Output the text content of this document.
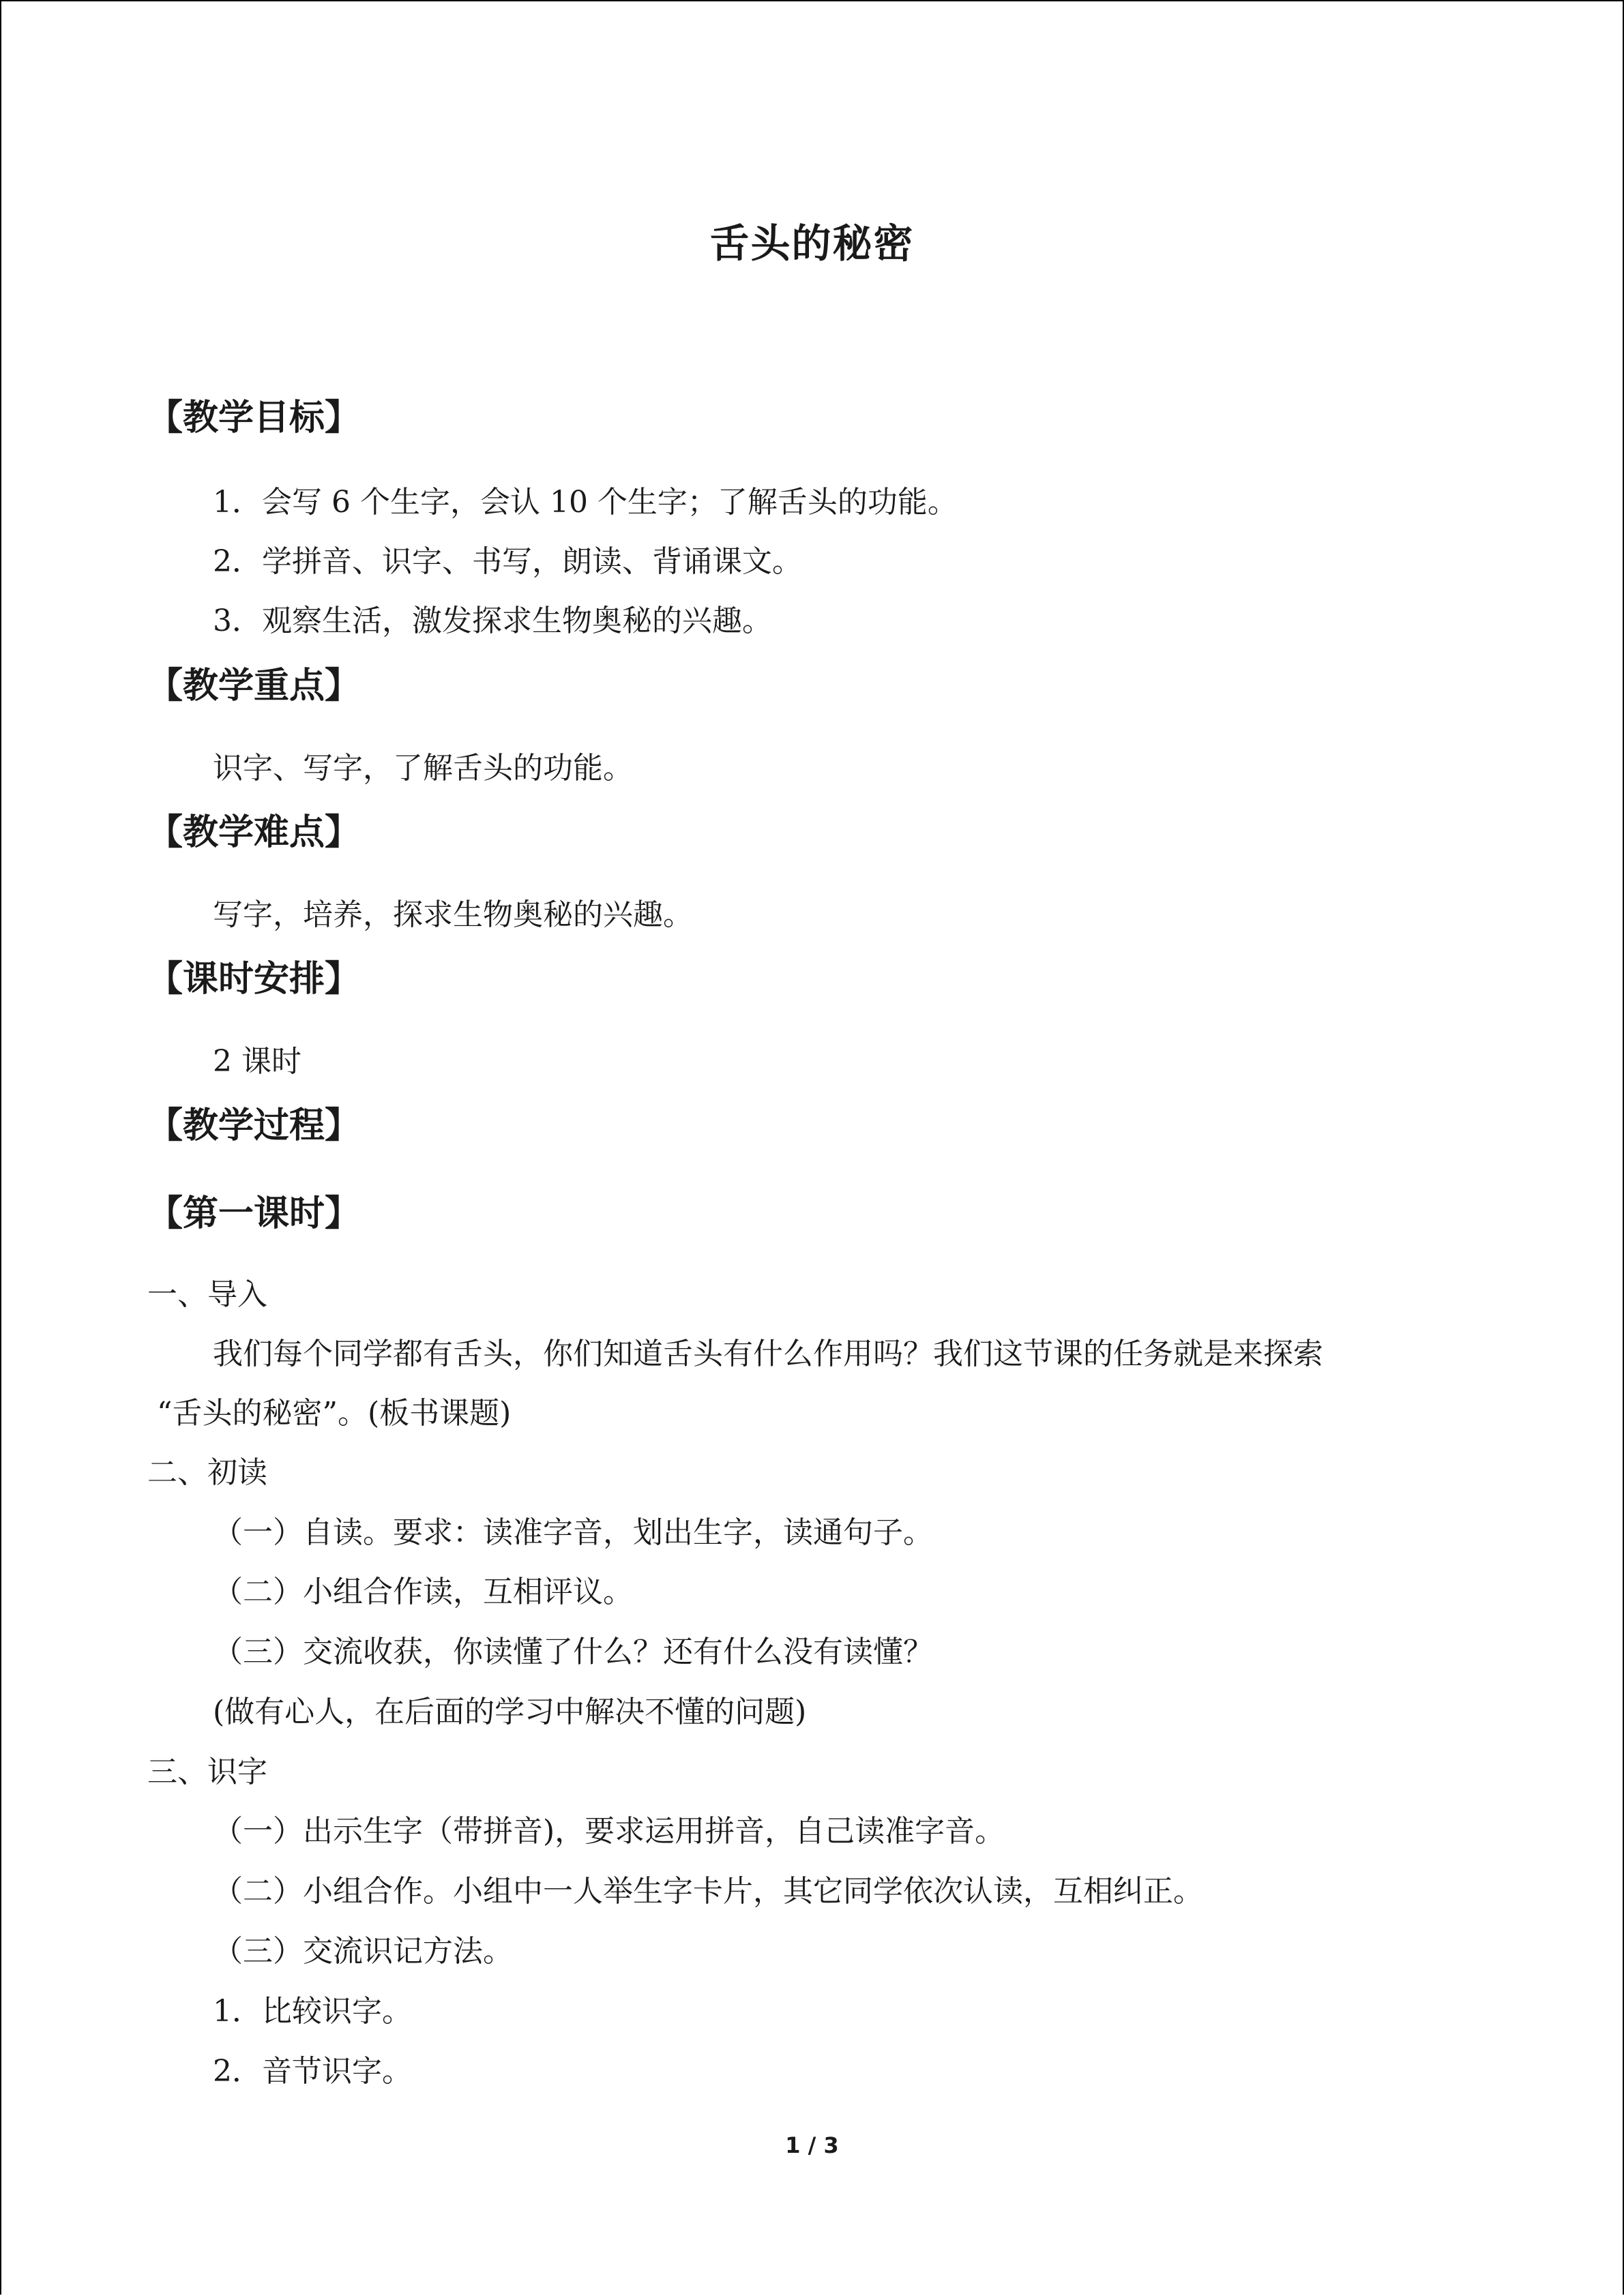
舌头的秘密
【教学目标】
1．会写 6 个生字，会认 10 个生字；了解舌头的功能。
2．学拼音、识字、书写，朗读、背诵课文。
3．观察生活，激发探求生物奥秘的兴趣。
【教学重点】
识字、写字，了解舌头的功能。
【教学难点】
写字，培养，探求生物奥秘的兴趣。
【课时安排】
2 课时
【教学过程】
【第一课时】
一、导入
我们每个同学都有舌头，你们知道舌头有什么作用吗？我们这节课的任务就是来探索
“舌头的秘密”。(板书课题)
二、初读
（一）自读。要求：读准字音，划出生字，读通句子。
（二）小组合作读，互相评议。
（三）交流收获，你读懂了什么？还有什么没有读懂？
(做有心人，在后面的学习中解决不懂的问题)
三、识字
（一）出示生字（带拼音)，要求运用拼音，自己读准字音。
（二）小组合作。小组中一人举生字卡片，其它同学依次认读，互相纠正。
（三）交流识记方法。
1．比较识字。
2．音节识字。
1 / 3
